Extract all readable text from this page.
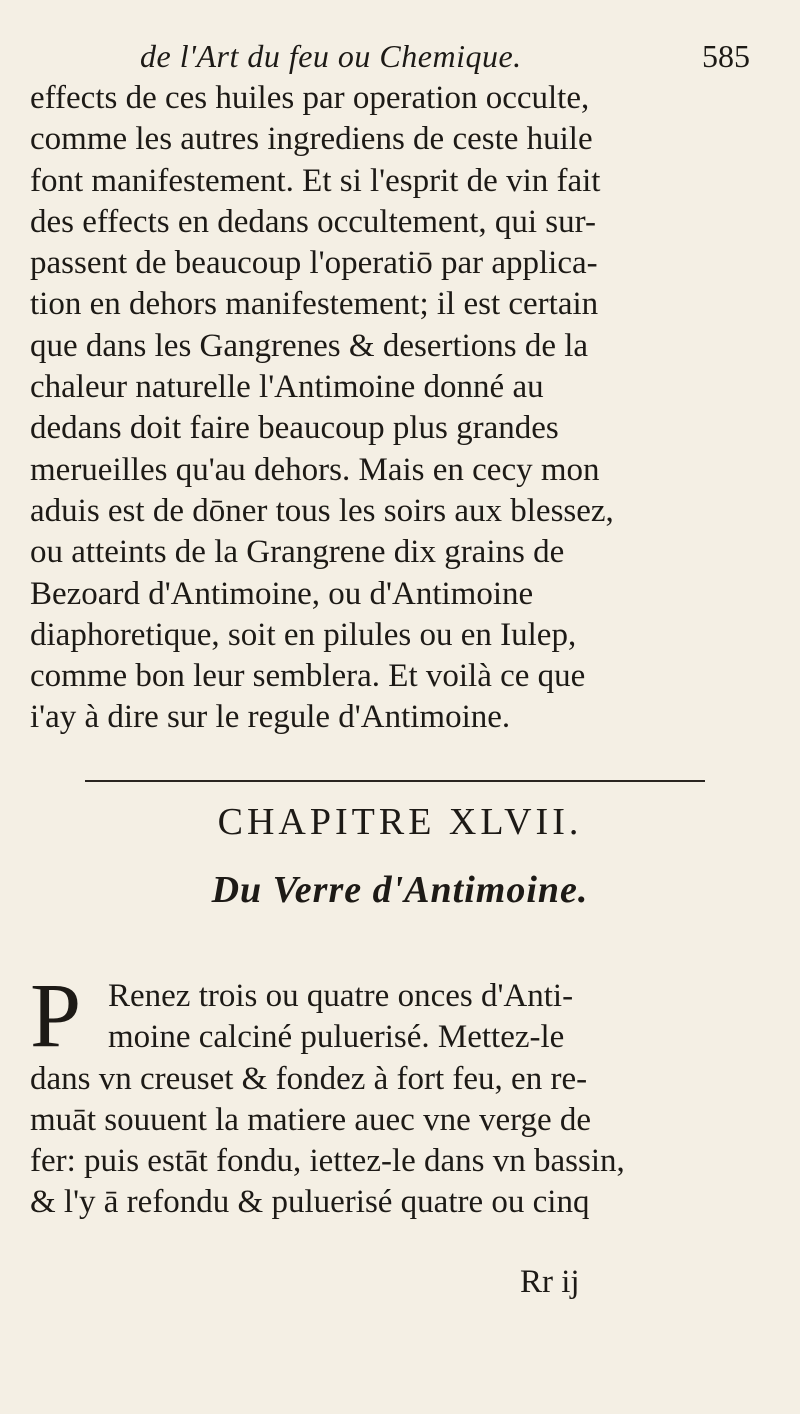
de l'Art du feu ou Chemique.	585
effects de ces huiles par operation occulte,
comme les autres ingrediens de ceste huile
font manifestement. Et si l'esprit de vin fait
des effects en dedans occultement, qui sur-
passent de beaucoup l'operatiō par applica-
tion en dehors manifestement; il est certain
que dans les Gangrenes & desertions de la
chaleur naturelle l'Antimoine donné au
dedans doit faire beaucoup plus grandes
merueilles qu'au dehors. Mais en cecy mon
aduis est de dōner tous les soirs aux blessez,
ou atteints de la Grangrene dix grains de
Bezoard d'Antimoine, ou d'Antimoine
diaphoretique, soit en pilules ou en Iulep,
comme bon leur semblera. Et voilà ce que
i'ay à dire sur le regule d'Antimoine.
CHAPITRE XLVII.
Du Verre d'Antimoine.
P Renez trois ou quatre onces d'Anti-
moine calciné puluerisé. Mettez-le
dans vn creuset & fondez à fort feu, en re-
muāt souuent la matiere auec vne verge de
fer: puis estāt fondu, iettez-le dans vn bassin,
& l'y ā refondu & puluerisé quatre ou cinq
Rr ij
